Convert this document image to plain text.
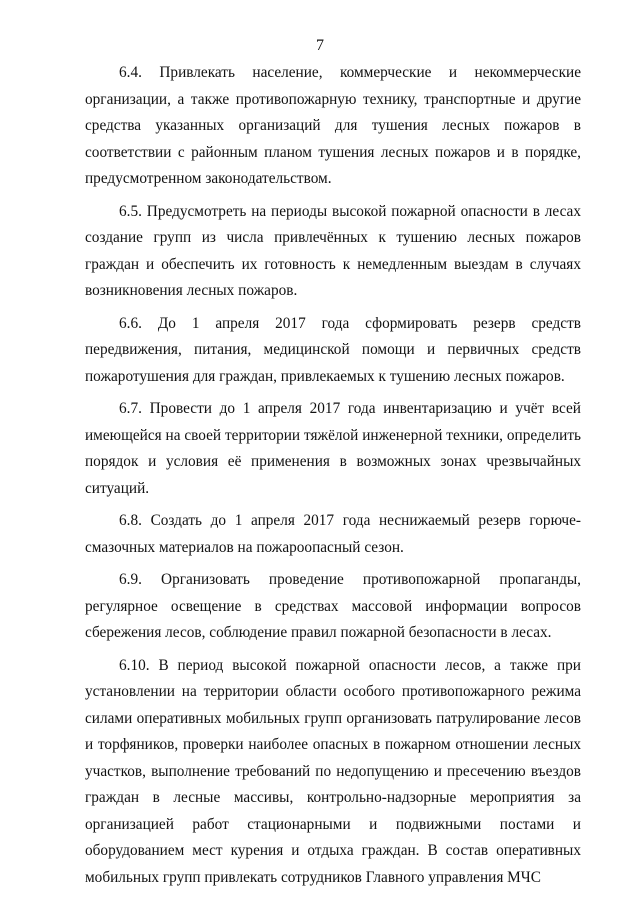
7

6.4. Привлекать население, коммерческие и некоммерческие организации, а также противопожарную технику, транспортные и другие средства указанных организаций для тушения лесных пожаров в соответствии с районным планом тушения лесных пожаров и в порядке, предусмотренном законодательством.

6.5. Предусмотреть на периоды высокой пожарной опасности в лесах создание групп из числа привлечённых к тушению лесных пожаров граждан и обеспечить их готовность к немедленным выездам в случаях возникновения лесных пожаров.

6.6. До 1 апреля 2017 года сформировать резерв средств передвижения, питания, медицинской помощи и первичных средств пожаротушения для граждан, привлекаемых к тушению лесных пожаров.

6.7. Провести до 1 апреля 2017 года инвентаризацию и учёт всей имеющейся на своей территории тяжёлой инженерной техники, определить порядок и условия её применения в возможных зонах чрезвычайных ситуаций.

6.8. Создать до 1 апреля 2017 года неснижаемый резерв горюче-смазочных материалов на пожароопасный сезон.

6.9. Организовать проведение противопожарной пропаганды, регулярное освещение в средствах массовой информации вопросов сбережения лесов, соблюдение правил пожарной безопасности в лесах.

6.10. В период высокой пожарной опасности лесов, а также при установлении на территории области особого противопожарного режима силами оперативных мобильных групп организовать патрулирование лесов и торфяников, проверки наиболее опасных в пожарном отношении лесных участков, выполнение требований по недопущению и пресечению въездов граждан в лесные массивы, контрольно-надзорные мероприятия за организацией работ стационарными и подвижными постами и оборудованием мест курения и отдыха граждан. В состав оперативных мобильных групп привлекать сотрудников Главного управления МЧС
